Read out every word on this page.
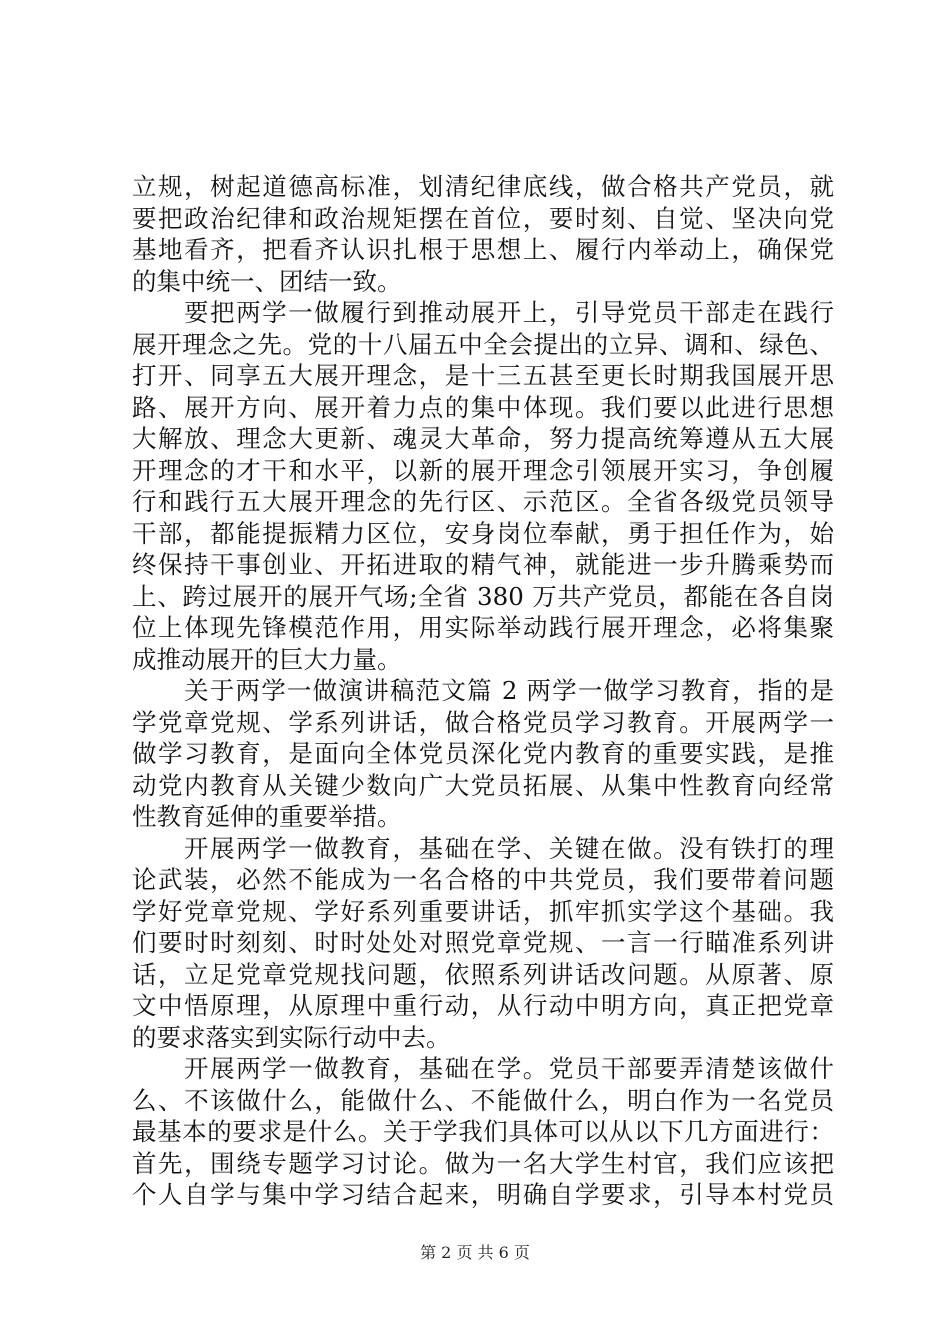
立规，树起道德高标准，划清纪律底线，做合格共产党员，就
要把政治纪律和政治规矩摆在首位，要时刻、自觉、坚决向党
基地看齐，把看齐认识扎根于思想上、履行内举动上，确保党
的集中统一、团结一致。
要把两学一做履行到推动展开上，引导党员干部走在践行
展开理念之先。党的十八届五中全会提出的立异、调和、绿色、
打开、同享五大展开理念，是十三五甚至更长时期我国展开思
路、展开方向、展开着力点的集中体现。我们要以此进行思想
大解放、理念大更新、魂灵大革命，努力提高统筹遵从五大展
开理念的才干和水平，以新的展开理念引领展开实习，争创履
行和践行五大展开理念的先行区、示范区。全省各级党员领导
干部，都能提振精力区位，安身岗位奉献，勇于担任作为，始
终保持干事创业、开拓进取的精气神，就能进一步升腾乘势而
上、跨过展开的展开气场;全省 380 万共产党员，都能在各自岗
位上体现先锋模范作用，用实际举动践行展开理念，必将集聚
成推动展开的巨大力量。
关于两学一做演讲稿范文篇 2 两学一做学习教育，指的是
学党章党规、学系列讲话，做合格党员学习教育。开展两学一
做学习教育，是面向全体党员深化党内教育的重要实践，是推
动党内教育从关键少数向广大党员拓展、从集中性教育向经常
性教育延伸的重要举措。
开展两学一做教育，基础在学、关键在做。没有铁打的理
论武装，必然不能成为一名合格的中共党员，我们要带着问题
学好党章党规、学好系列重要讲话，抓牢抓实学这个基础。我
们要时时刻刻、时时处处对照党章党规、一言一行瞄准系列讲
话，立足党章党规找问题，依照系列讲话改问题。从原著、原
文中悟原理，从原理中重行动，从行动中明方向，真正把党章
的要求落实到实际行动中去。
开展两学一做教育，基础在学。党员干部要弄清楚该做什
么、不该做什么，能做什么、不能做什么，明白作为一名党员
最基本的要求是什么。关于学我们具体可以从以下几方面进行：
首先，围绕专题学习讨论。做为一名大学生村官，我们应该把
个人自学与集中学习结合起来，明确自学要求，引导本村党员
第 2 页 共 6 页
